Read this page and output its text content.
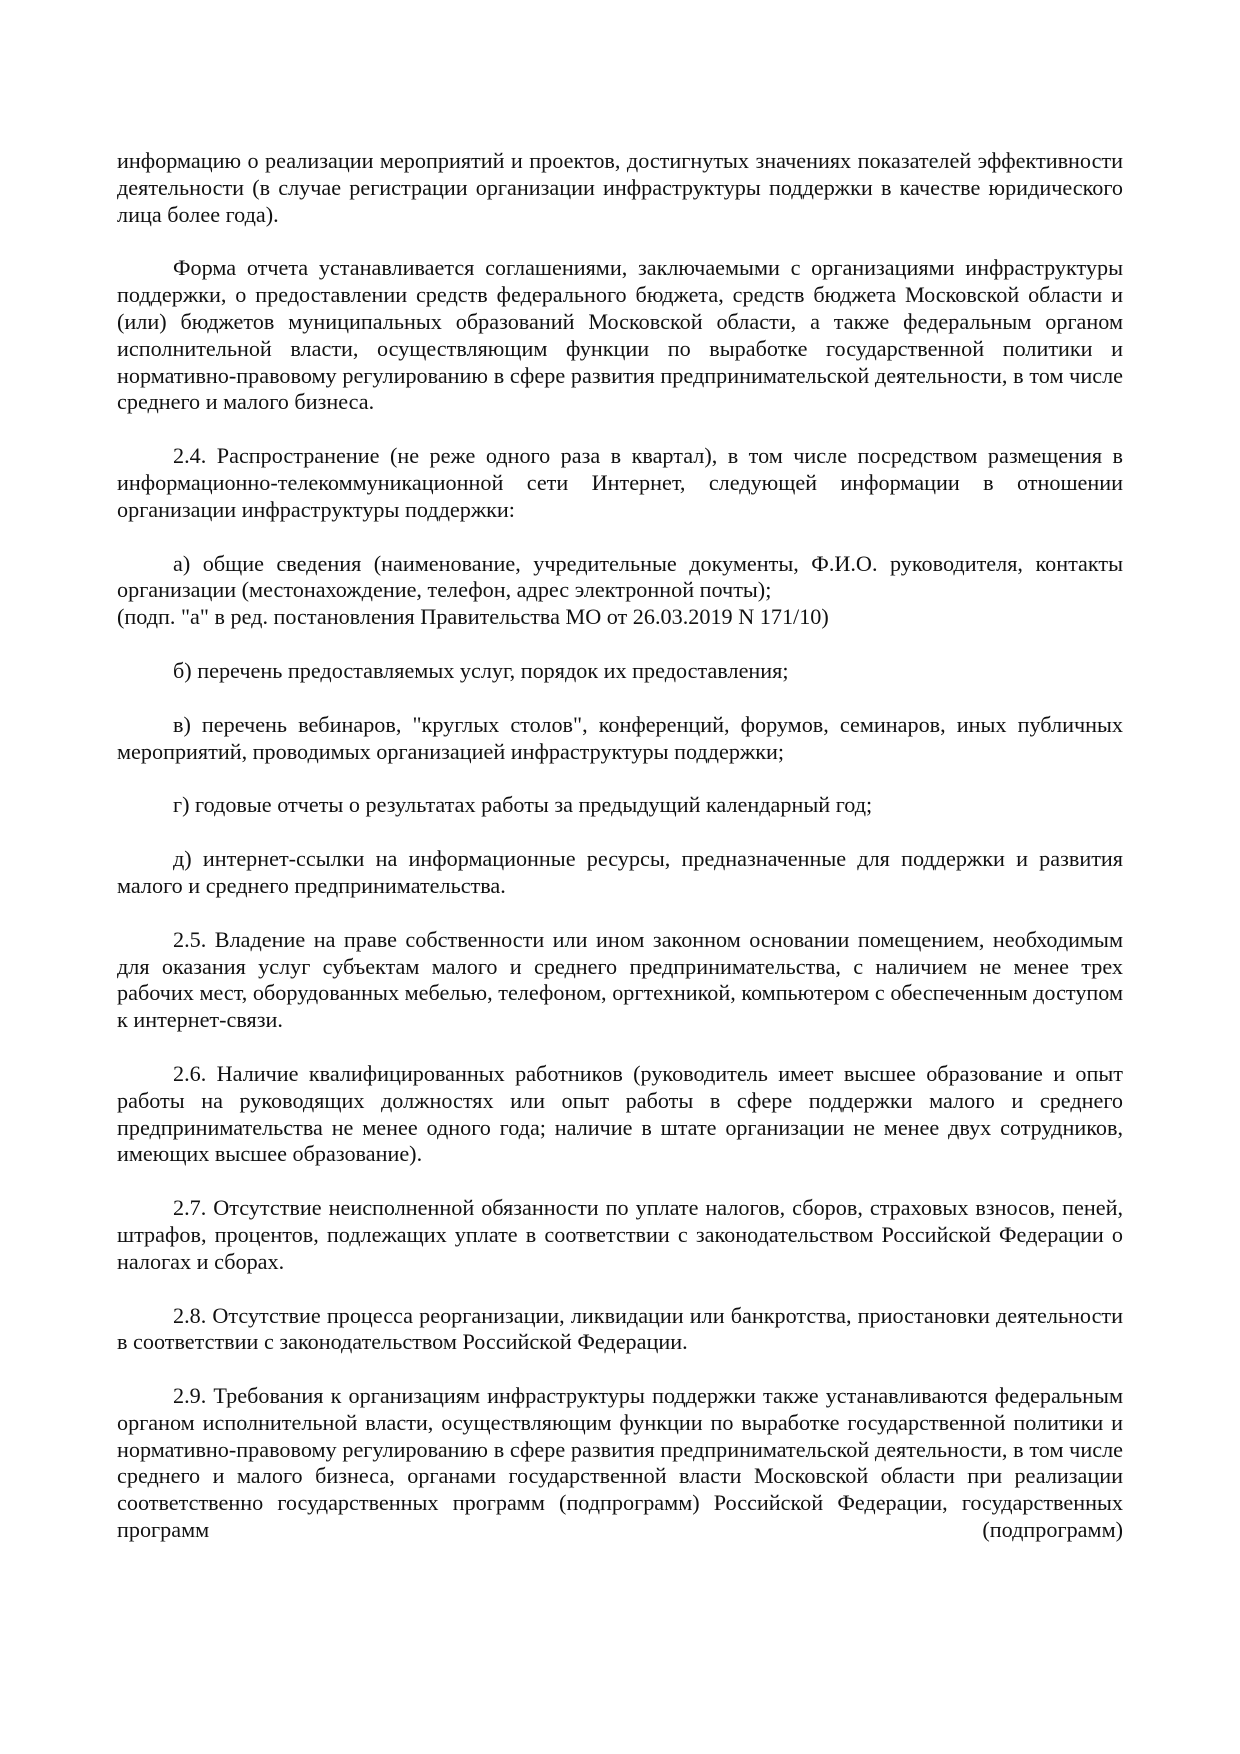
информацию о реализации мероприятий и проектов, достигнутых значениях показателей эффективности деятельности (в случае регистрации организации инфраструктуры поддержки в качестве юридического лица более года).

Форма отчета устанавливается соглашениями, заключаемыми с организациями инфраструктуры поддержки, о предоставлении средств федерального бюджета, средств бюджета Московской области и (или) бюджетов муниципальных образований Московской области, а также федеральным органом исполнительной власти, осуществляющим функции по выработке государственной политики и нормативно-правовому регулированию в сфере развития предпринимательской деятельности, в том числе среднего и малого бизнеса.

2.4. Распространение (не реже одного раза в квартал), в том числе посредством размещения в информационно-телекоммуникационной сети Интернет, следующей информации в отношении организации инфраструктуры поддержки:

а) общие сведения (наименование, учредительные документы, Ф.И.О. руководителя, контакты организации (местонахождение, телефон, адрес электронной почты);

(подп. "а" в ред. постановления Правительства МО от 26.03.2019 N 171/10)

б) перечень предоставляемых услуг, порядок их предоставления;

в) перечень вебинаров, "круглых столов", конференций, форумов, семинаров, иных публичных мероприятий, проводимых организацией инфраструктуры поддержки;

г) годовые отчеты о результатах работы за предыдущий календарный год;

д) интернет-ссылки на информационные ресурсы, предназначенные для поддержки и развития малого и среднего предпринимательства.

2.5. Владение на праве собственности или ином законном основании помещением, необходимым для оказания услуг субъектам малого и среднего предпринимательства, с наличием не менее трех рабочих мест, оборудованных мебелью, телефоном, оргтехникой, компьютером с обеспеченным доступом к интернет-связи.

2.6. Наличие квалифицированных работников (руководитель имеет высшее образование и опыт работы на руководящих должностях или опыт работы в сфере поддержки малого и среднего предпринимательства не менее одного года; наличие в штате организации не менее двух сотрудников, имеющих высшее образование).

2.7. Отсутствие неисполненной обязанности по уплате налогов, сборов, страховых взносов, пеней, штрафов, процентов, подлежащих уплате в соответствии с законодательством Российской Федерации о налогах и сборах.

2.8. Отсутствие процесса реорганизации, ликвидации или банкротства, приостановки деятельности в соответствии с законодательством Российской Федерации.

2.9. Требования к организациям инфраструктуры поддержки также устанавливаются федеральным органом исполнительной власти, осуществляющим функции по выработке государственной политики и нормативно-правовому регулированию в сфере развития предпринимательской деятельности, в том числе среднего и малого бизнеса, органами государственной власти Московской области при реализации соответственно государственных программ (подпрограмм) Российской Федерации, государственных программ (подпрограмм)
